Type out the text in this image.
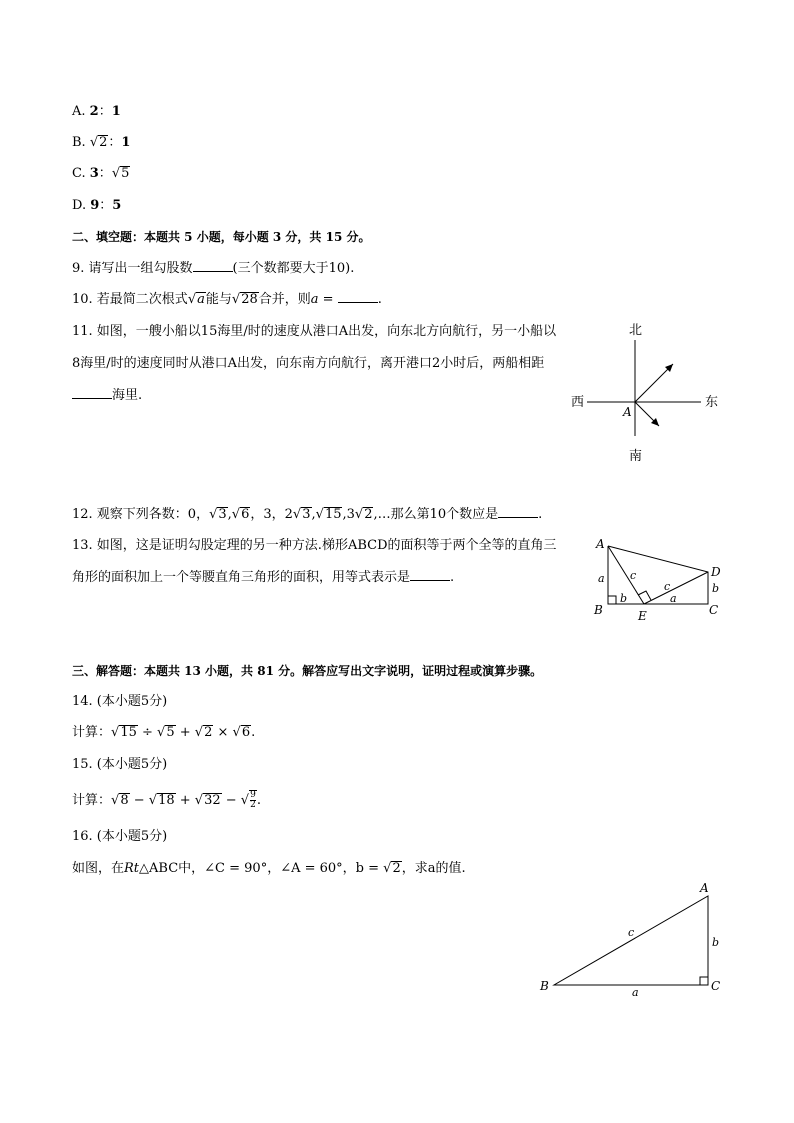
A. 2：1
B. √2：1
C. 3：√5
D. 9：5
二、填空题：本题共 5 小题，每小题 3 分，共 15 分。
9. 请写出一组勾股数	(三个数都要大于10).
10. 若最简二次根式√a能与√28合并，则a =	.
11. 如图，一艘小船以15海里/时的速度从港口A出发，向东北方向航行，另一小船以8海里/时的速度同时从港口A出发，向东南方向航行，离开港口2小时后，两船相距海里.
北
南
西	东
A
12. 观察下列各数：0，√3,√6，3，2√3,√15,3√2,…那么第10个数应是	.
13. 如图，这是证明勾股定理的另一种方法.梯形ABCD的面积等于两个全等的直角三角形的面积加上一个等腰直角三角形的面积，用等式表示是	.
A
B	C
D
E
a
b
c
c
a
b
三、解答题：本题共 13 小题，共 81 分。解答应写出文字说明，证明过程或演算步骤。
14. (本小题5分)
计算：√15 ÷ √5 + √2 × √6.
15. (本小题5分)
计算：√8 − √18 + √32 − √ $\frac{9}{2}$ .
16. (本小题5分)
如图，在Rt△ABC中，∠C = 90°，∠A = 60°，b = √2，求a的值.
A
B	C
a
b
c
